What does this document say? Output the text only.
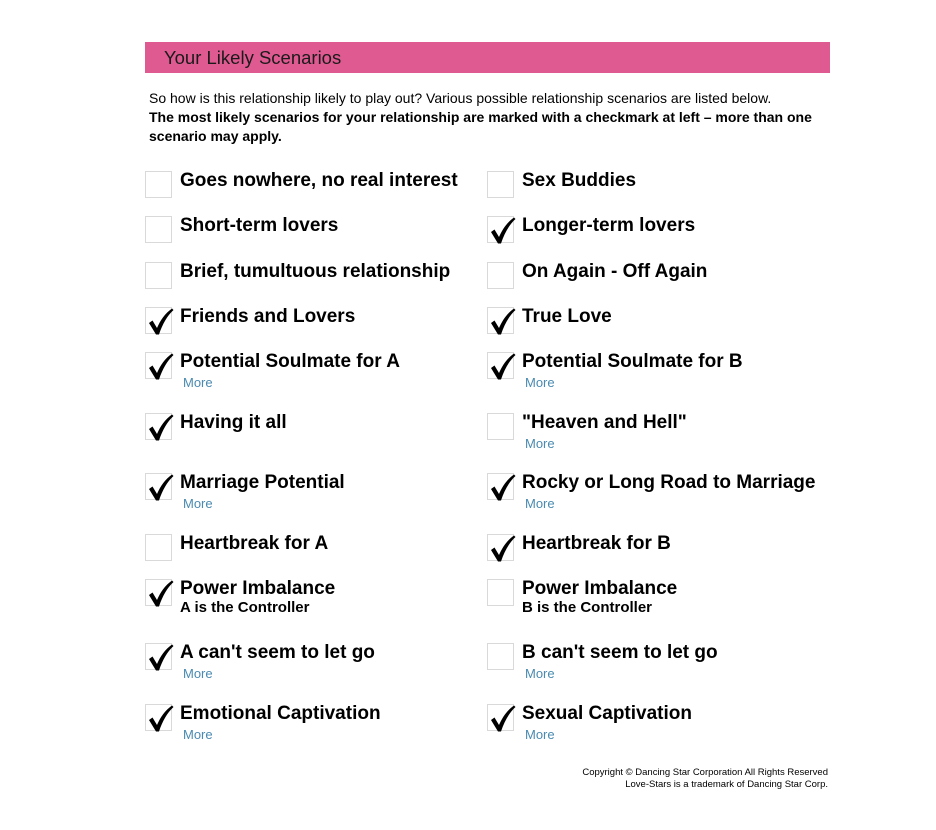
Your Likely Scenarios
So how is this relationship likely to play out? Various possible relationship scenarios are listed below.
The most likely scenarios for your relationship are marked with a checkmark at left – more than one scenario may apply.
Goes nowhere, no real interest
Short-term lovers
Brief, tumultuous relationship
Friends and Lovers
Potential Soulmate for A
More
Having it all
Marriage Potential
More
Heartbreak for A
Power Imbalance
A is the Controller
A can't seem to let go
More
Emotional Captivation
More
Sex Buddies
Longer-term lovers
On Again - Off Again
True Love
Potential Soulmate for B
More
"Heaven and Hell"
More
Rocky or Long Road to Marriage
More
Heartbreak for B
Power Imbalance
B is the Controller
B can't seem to let go
More
Sexual Captivation
More
Copyright © Dancing Star Corporation All Rights Reserved
Love-Stars is a trademark of Dancing Star Corp.
